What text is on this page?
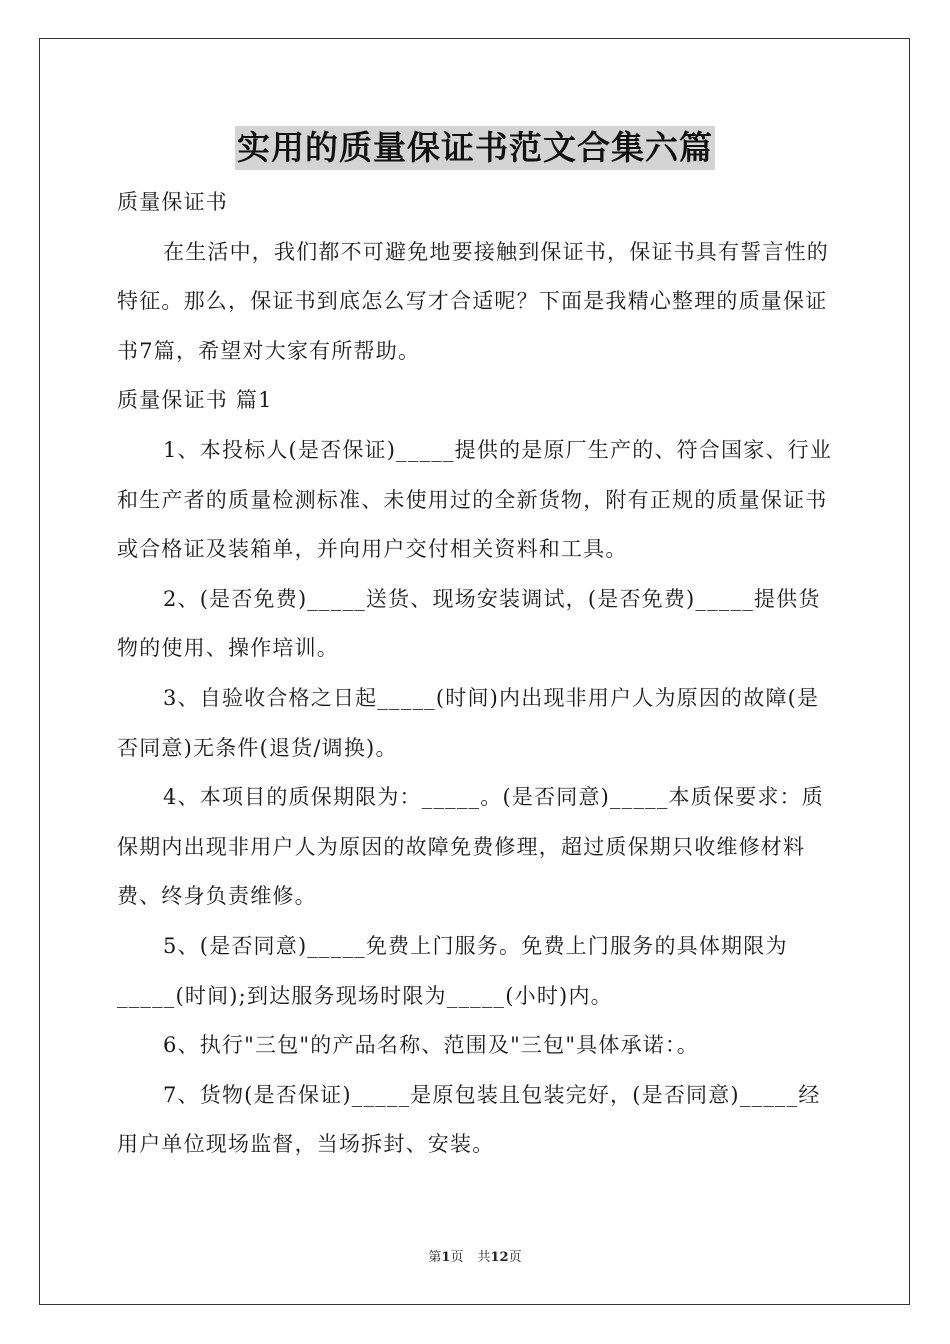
实用的质量保证书范文合集六篇

质量保证书

在生活中，我们都不可避免地要接触到保证书，保证书具有誓言性的特征。那么，保证书到底怎么写才合适呢？下面是我精心整理的质量保证书7篇，希望对大家有所帮助。

质量保证书 篇1

1、本投标人(是否保证)_____提供的是原厂生产的、符合国家、行业和生产者的质量检测标准、未使用过的全新货物，附有正规的质量保证书或合格证及装箱单，并向用户交付相关资料和工具。

2、(是否免费)_____送货、现场安装调试，(是否免费)_____提供货物的使用、操作培训。

3、自验收合格之日起_____(时间)内出现非用户人为原因的故障(是否同意)无条件(退货/调换)。

4、本项目的质保期限为：_____。(是否同意)_____本质保要求：质保期内出现非用户人为原因的故障免费修理，超过质保期只收维修材料费、终身负责维修。

5、(是否同意)_____免费上门服务。免费上门服务的具体期限为_____(时间);到达服务现场时限为_____(小时)内。

6、执行"三包"的产品名称、范围及"三包"具体承诺：。

7、货物(是否保证)_____是原包装且包装完好，(是否同意)_____经用户单位现场监督，当场拆封、安装。

第1页 共12页
